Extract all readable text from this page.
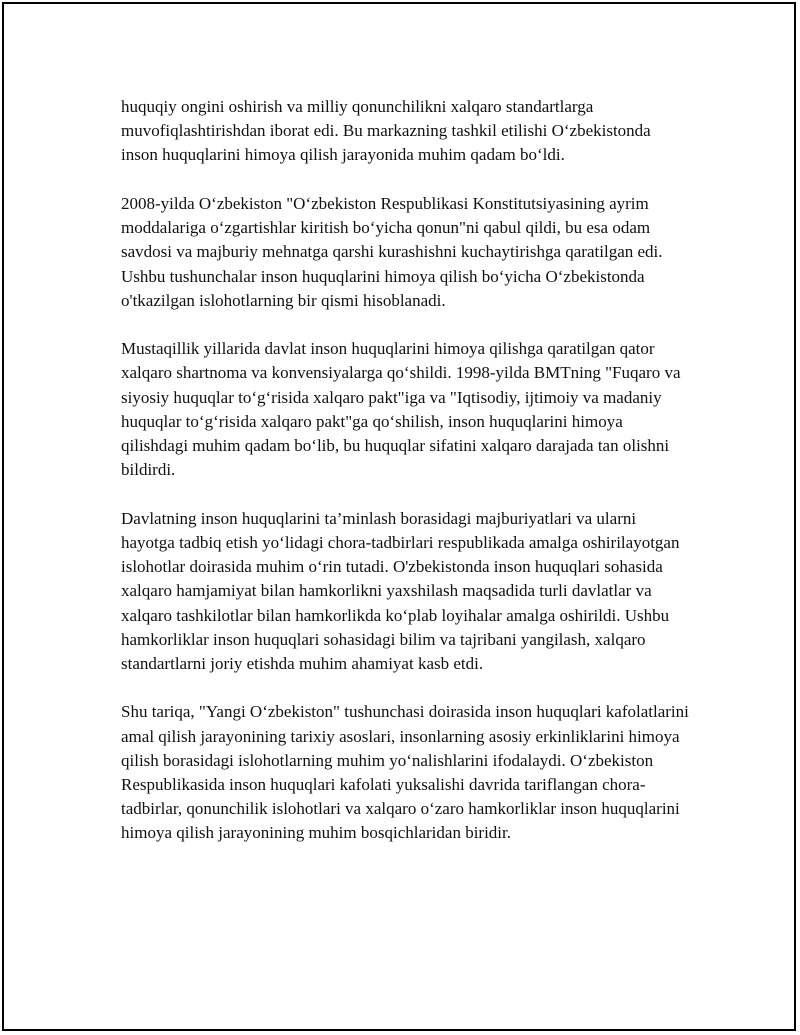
huquqiy ongini oshirish va milliy qonunchilikni xalqaro standartlarga muvofiqlashtirishdan iborat edi. Bu markazning tashkil etilishi O‘zbekistonda inson huquqlarini himoya qilish jarayonida muhim qadam bo‘ldi.

2008-yilda O‘zbekiston "O‘zbekiston Respublikasi Konstitutsiyasining ayrim moddalariga o‘zgartishlar kiritish bo‘yicha qonun"ni qabul qildi, bu esa odam savdosi va majburiy mehnatga qarshi kurashishni kuchaytirishga qaratilgan edi. Ushbu tushunchalar inson huquqlarini himoya qilish bo‘yicha O‘zbekistonda o'tkazilgan islohotlarning bir qismi hisoblanadi.

Mustaqillik yillarida davlat inson huquqlarini himoya qilishga qaratilgan qator xalqaro shartnoma va konvensiyalarga qo‘shildi. 1998-yilda BMTning "Fuqaro va siyosiy huquqlar to‘g‘risida xalqaro pakt"iga va "Iqtisodiy, ijtimoiy va madaniy huquqlar to‘g‘risida xalqaro pakt"ga qo‘shilish, inson huquqlarini himoya qilishdagi muhim qadam bo‘lib, bu huquqlar sifatini xalqaro darajada tan olishni bildirdi.

Davlatning inson huquqlarini ta’minlash borasidagi majburiyatlari va ularni hayotga tadbiq etish yo‘lidagi chora-tadbirlari respublikada amalga oshirilayotgan islohotlar doirasida muhim o‘rin tutadi. O'zbekistonda inson huquqlari sohasida xalqaro hamjamiyat bilan hamkorlikni yaxshilash maqsadida turli davlatlar va xalqaro tashkilotlar bilan hamkorlikda ko‘plab loyihalar amalga oshirildi. Ushbu hamkorliklar inson huquqlari sohasidagi bilim va tajribani yangilash, xalqaro standartlarni joriy etishda muhim ahamiyat kasb etdi.

Shu tariqa, "Yangi O‘zbekiston" tushunchasi doirasida inson huquqlari kafolatlarini amal qilish jarayonining tarixiy asoslari, insonlarning asosiy erkinliklarini himoya qilish borasidagi islohotlarning muhim yo‘nalishlarini ifodalaydi. O‘zbekiston Respublikasida inson huquqlari kafolati yuksalishi davrida tariflangan chora-tadbirlar, qonunchilik islohotlari va xalqaro o‘zaro hamkorliklar inson huquqlarini himoya qilish jarayonining muhim bosqichlaridan biridir.
